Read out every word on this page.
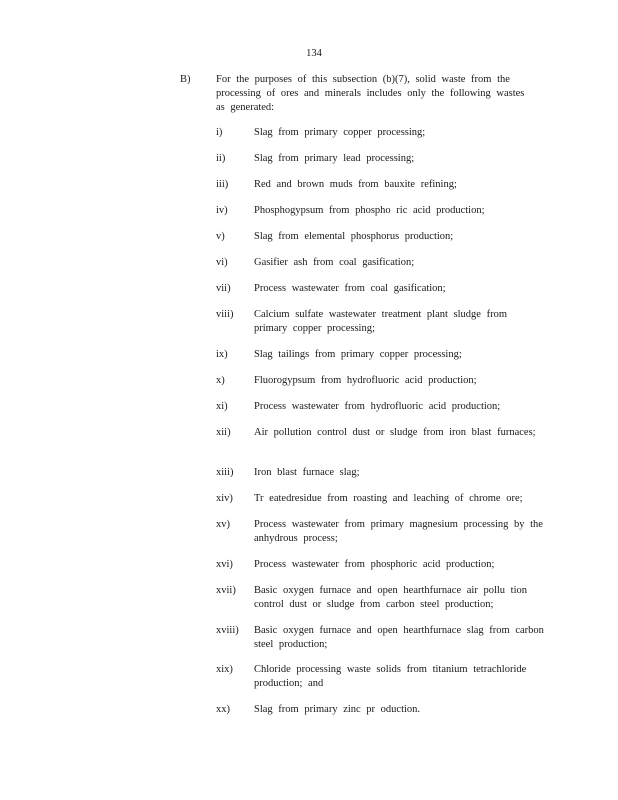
134
B) For the purposes of this subsection (b)(7), solid waste from the processing of ores and minerals includes only the following wastes as generated:
i)	Slag from primary copper processing;
ii)	Slag from primary lead processing;
iii) Red and brown muds from bauxite refining;
iv)	Phosphogypsum from phospho ric acid production;
v)	Slag from elemental phosphorus production;
vi)	Gasifier ash from coal gasification;
vii) Process wastewater from coal gasification;
viii) Calcium sulfate wastewater treatment plant sludge from primary copper processing;
ix)	Slag tailings from primary copper processing;
x)	Fluorogypsum from hydrofluoric acid production;
xi)	Process wastewater from hydrofluoric acid production;
xii) Air pollution control dust or sludge from iron blast furnaces;
xiii) Iron blast furnace slag;
xiv) Tr eatedresidue from roasting and leaching of chrome ore;
xv) Process wastewater from primary magnesium processing by the anhydrous process;
xvi) Process wastewater from phosphoric acid production;
xvii) Basic oxygen furnace and open hearthfurnace air pollu tion control dust or sludge from carbon steel production;
xviii) Basic oxygen furnace and open hearthfurnace slag from carbon steel production;
xix) Chloride processing waste solids from titanium tetrachloride production; and
xx) Slag from primary zinc pr oduction.
